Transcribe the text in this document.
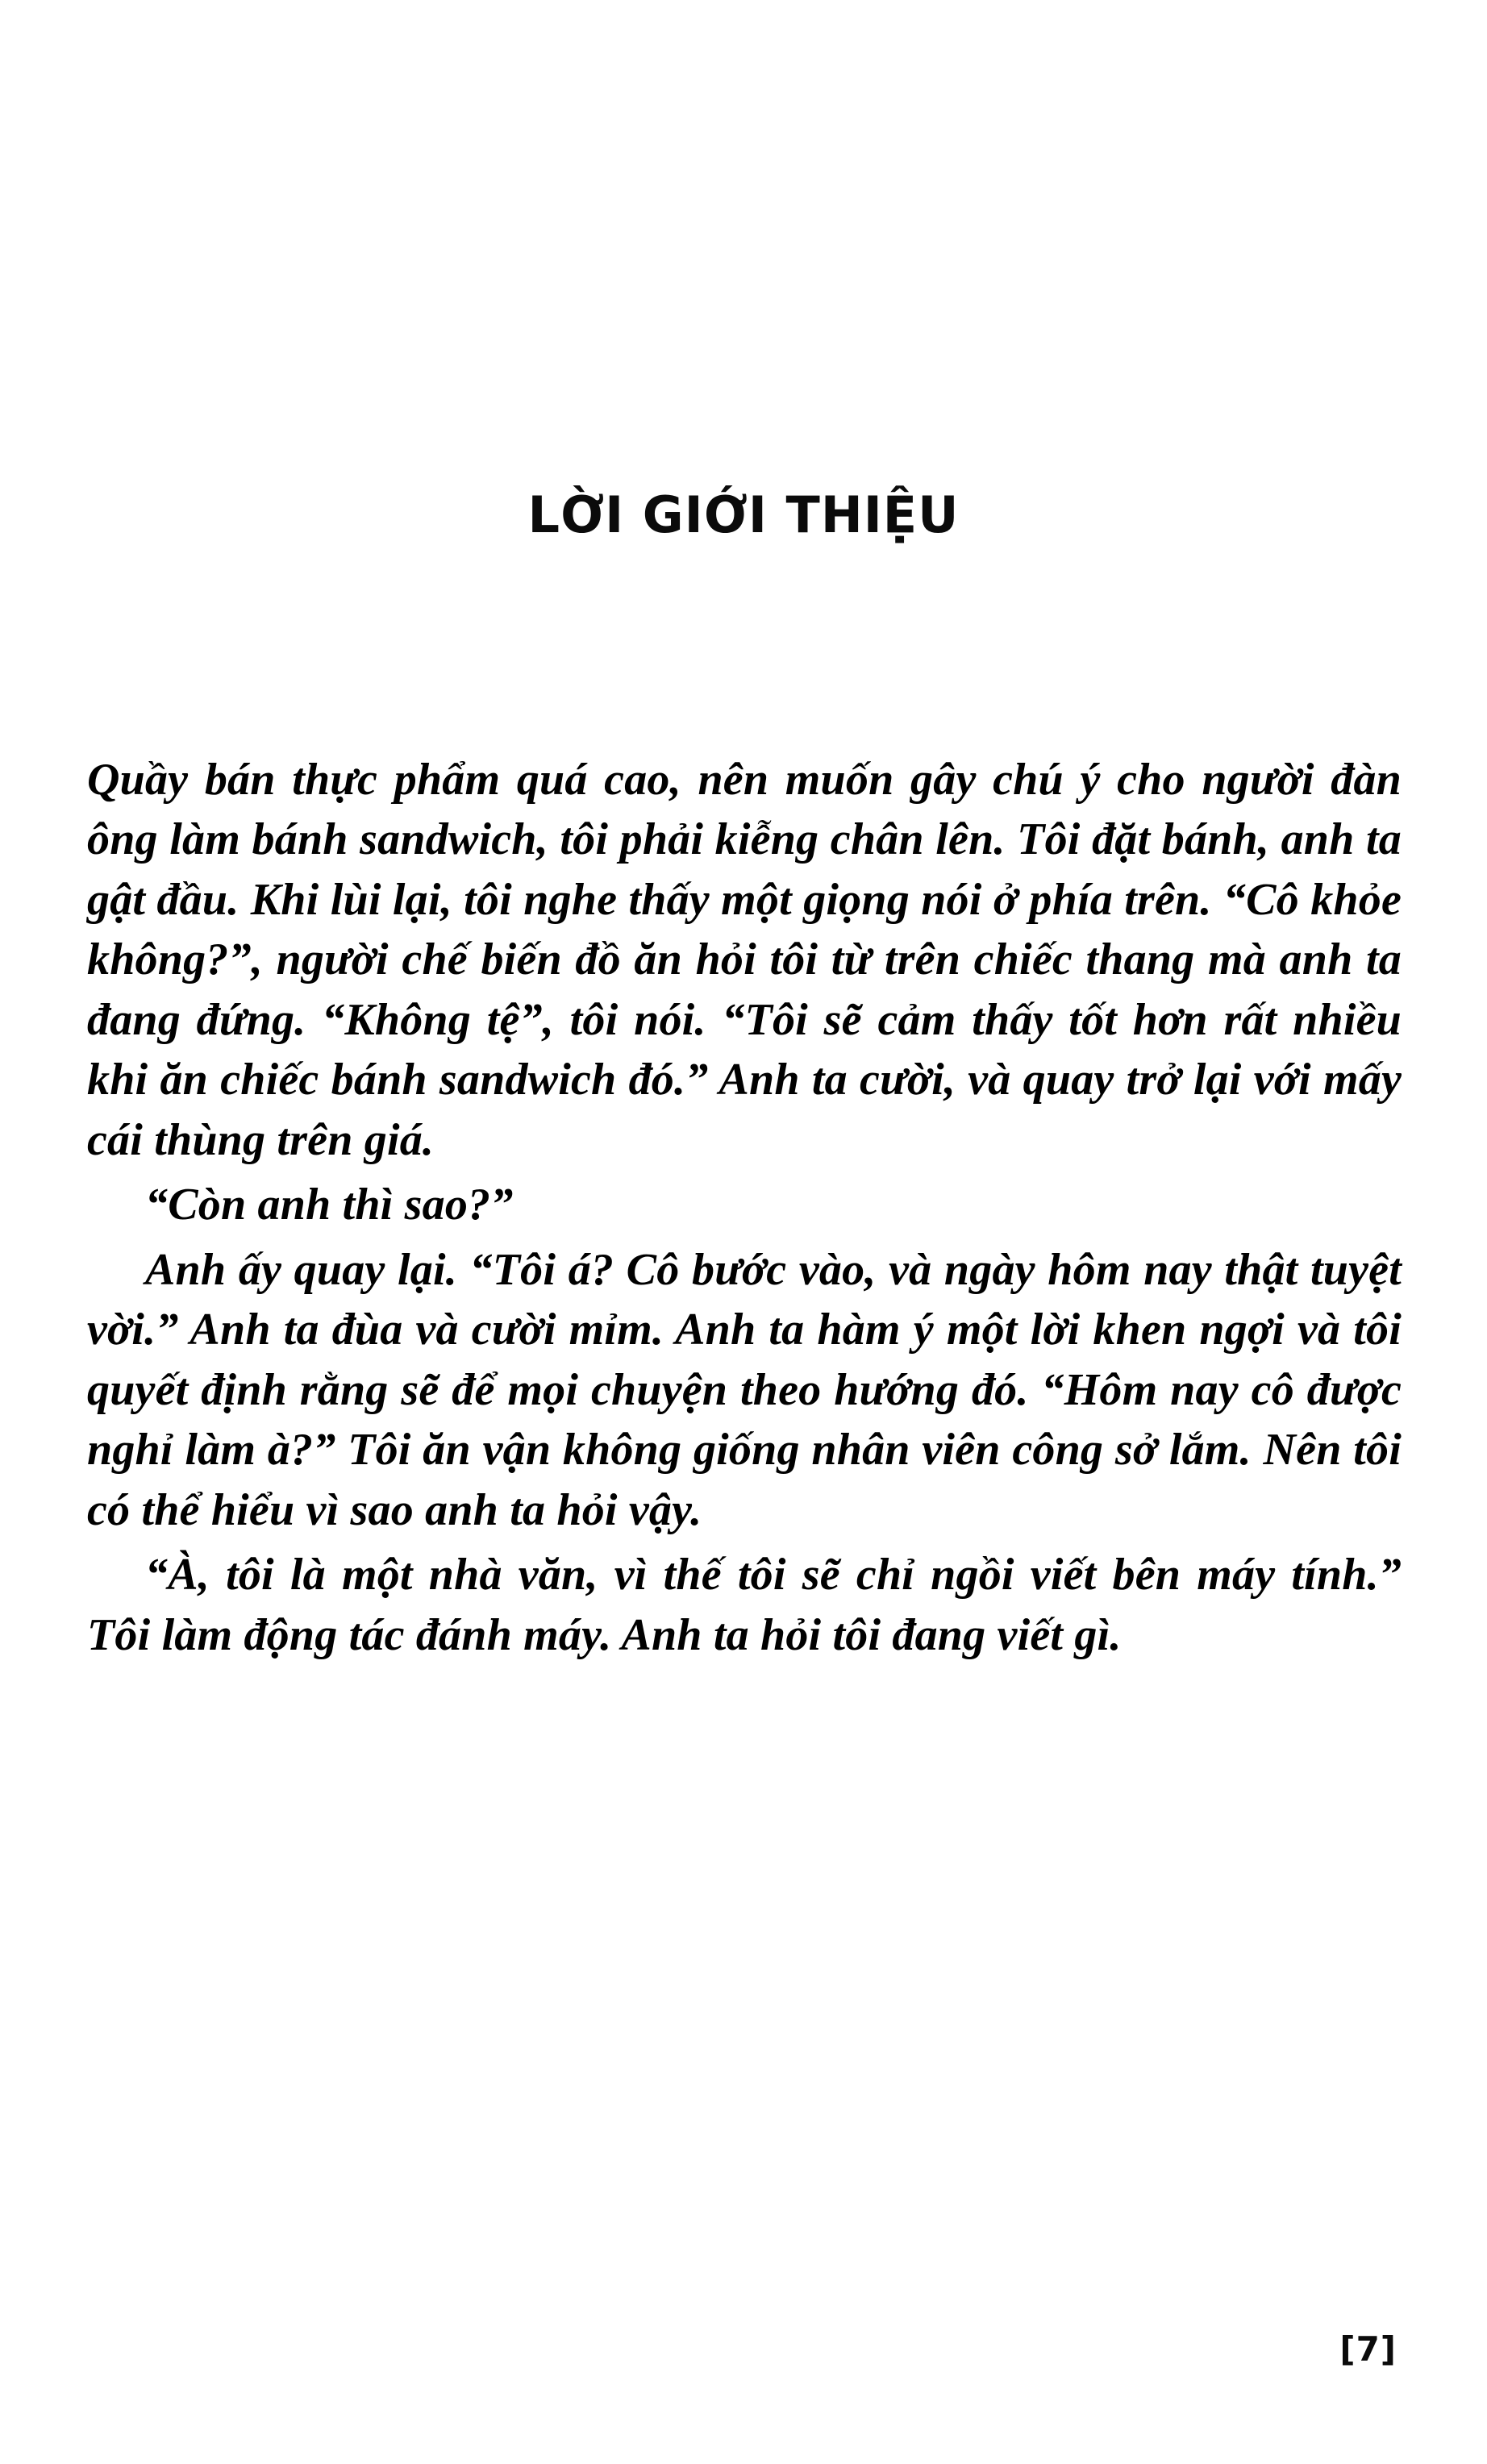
LỜI GIỚI THIỆU

Quầy bán thực phẩm quá cao, nên muốn gây chú ý cho người đàn ông làm bánh sandwich, tôi phải kiễng chân lên. Tôi đặt bánh, anh ta gật đầu. Khi lùi lại, tôi nghe thấy một giọng nói ở phía trên. “Cô khỏe không?”, người chế biến đồ ăn hỏi tôi từ trên chiếc thang mà anh ta đang đứng. “Không tệ”, tôi nói. “Tôi sẽ cảm thấy tốt hơn rất nhiều khi ăn chiếc bánh sandwich đó.” Anh ta cười, và quay trở lại với mấy cái thùng trên giá.

“Còn anh thì sao?”

Anh ấy quay lại. “Tôi á? Cô bước vào, và ngày hôm nay thật tuyệt vời.” Anh ta đùa và cười mỉm. Anh ta hàm ý một lời khen ngợi và tôi quyết định rằng sẽ để mọi chuyện theo hướng đó. “Hôm nay cô được nghỉ làm à?” Tôi ăn vận không giống nhân viên công sở lắm. Nên tôi có thể hiểu vì sao anh ta hỏi vậy.

“À, tôi là một nhà văn, vì thế tôi sẽ chỉ ngồi viết bên máy tính.” Tôi làm động tác đánh máy. Anh ta hỏi tôi đang viết gì.

[7]
